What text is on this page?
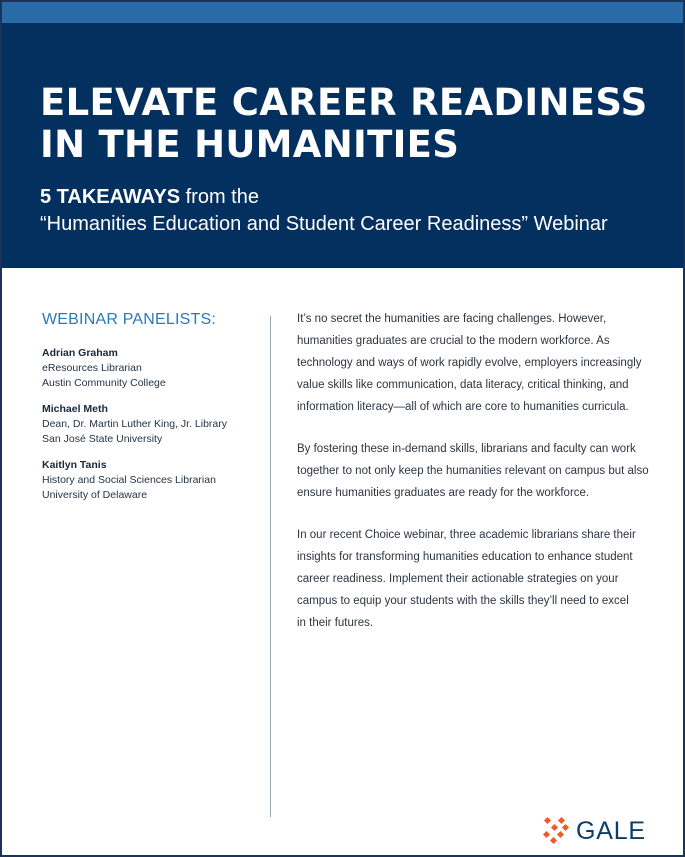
ELEVATE CAREER READINESS
IN THE HUMANITIES
5 TAKEAWAYS from the
“Humanities Education and Student Career Readiness” Webinar
WEBINAR PANELISTS:
Adrian Graham
eResources Librarian
Austin Community College
Michael Meth
Dean, Dr. Martin Luther King, Jr. Library
San José State University
Kaitlyn Tanis
History and Social Sciences Librarian
University of Delaware

It’s no secret the humanities are facing challenges. However,
humanities graduates are crucial to the modern workforce. As
technology and ways of work rapidly evolve, employers increasingly
value skills like communication, data literacy, critical thinking, and
information literacy—all of which are core to humanities curricula.

By fostering these in-demand skills, librarians and faculty can work
together to not only keep the humanities relevant on campus but also
ensure humanities graduates are ready for the workforce.

In our recent Choice webinar, three academic librarians share their
insights for transforming humanities education to enhance student
career readiness. Implement their actionable strategies on your
campus to equip your students with the skills they’ll need to excel
in their futures.

GALE
